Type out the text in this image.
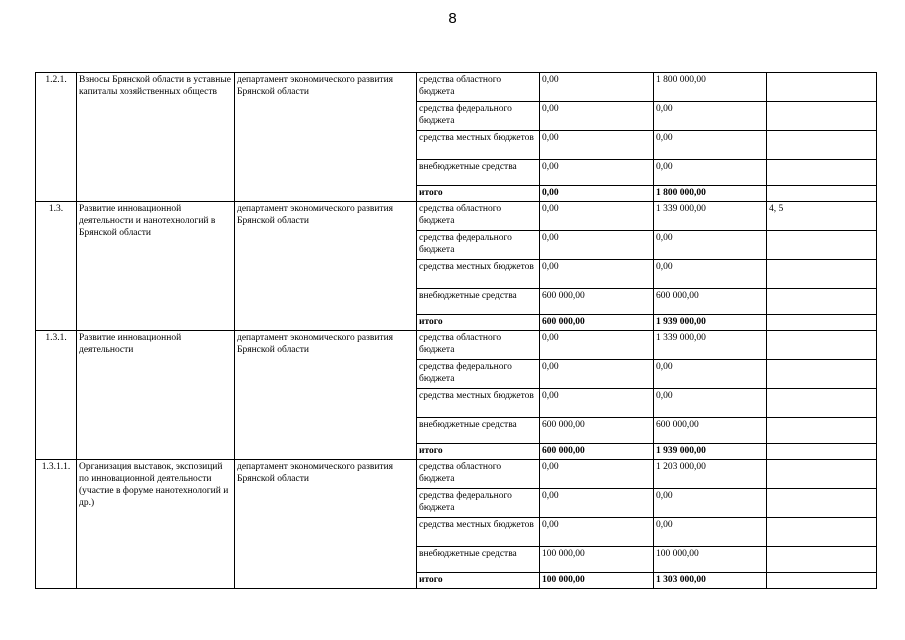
8
1.2.1.	Взносы Брянской области в уставные капиталы хозяйственных обществ	департамент экономического развития Брянской области	средства областного бюджета	0,00	1 800 000,00	
			средства федерального бюджета	0,00	0,00	
			средства местных бюджетов	0,00	0,00	
			внебюджетные средства	0,00	0,00	
			итого	0,00	1 800 000,00	
1.3.	Развитие инновационной деятельности и нанотехнологий в Брянской области	департамент экономического развития Брянской области	средства областного бюджета	0,00	1 339 000,00	4, 5
			средства федерального бюджета	0,00	0,00	
			средства местных бюджетов	0,00	0,00	
			внебюджетные средства	600 000,00	600 000,00	
			итого	600 000,00	1 939 000,00	
1.3.1.	Развитие инновационной деятельности	департамент экономического развития Брянской области	средства областного бюджета	0,00	1 339 000,00	
			средства федерального бюджета	0,00	0,00	
			средства местных бюджетов	0,00	0,00	
			внебюджетные средства	600 000,00	600 000,00	
			итого	600 000,00	1 939 000,00	
1.3.1.1.	Организация выставок, экспозиций по инновационной деятельности (участие в форуме нанотехнологий и др.)	департамент экономического развития Брянской области	средства областного бюджета	0,00	1 203 000,00	
			средства федерального бюджета	0,00	0,00	
			средства местных бюджетов	0,00	0,00	
			внебюджетные средства	100 000,00	100 000,00	
			итого	100 000,00	1 303 000,00	
